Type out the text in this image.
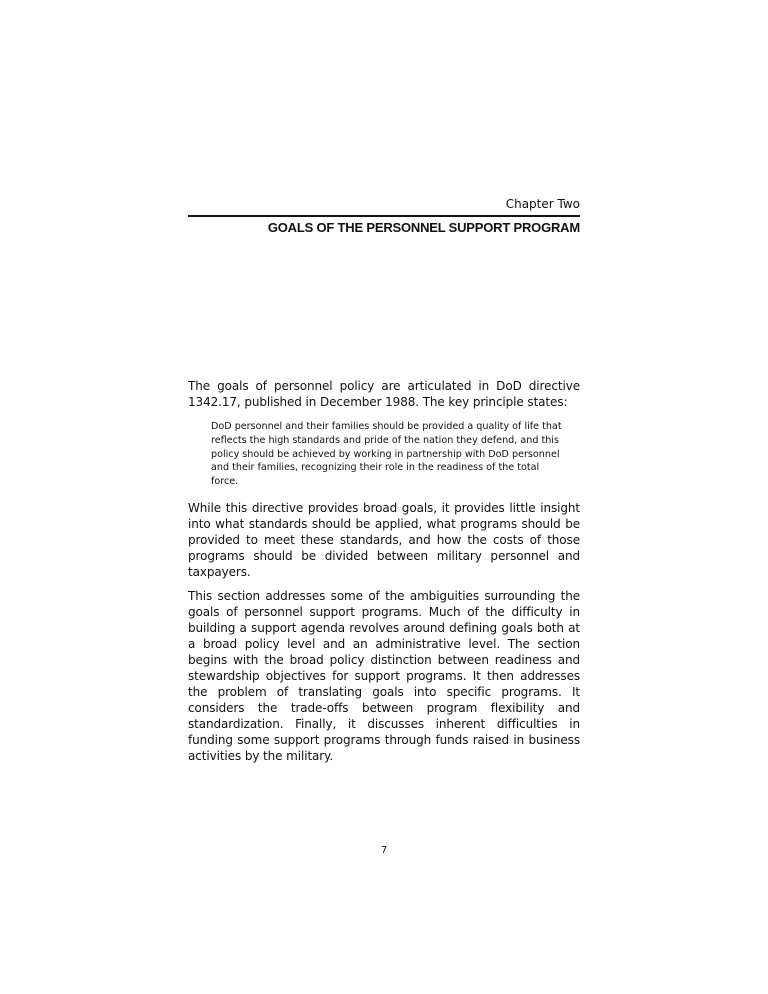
Chapter Two
GOALS OF THE PERSONNEL SUPPORT PROGRAM

The goals of personnel policy are articulated in DoD directive 1342.17, published in December 1988. The key principle states:

DoD personnel and their families should be provided a quality of life that reflects the high standards and pride of the nation they defend, and this policy should be achieved by working in partnership with DoD personnel and their families, recognizing their role in the readiness of the total force.

While this directive provides broad goals, it provides little insight into what standards should be applied, what programs should be provided to meet these standards, and how the costs of those programs should be divided between military personnel and taxpayers.

This section addresses some of the ambiguities surrounding the goals of personnel support programs. Much of the difficulty in building a support agenda revolves around defining goals both at a broad policy level and an administrative level. The section begins with the broad policy distinction between readiness and stewardship objectives for support programs. It then addresses the problem of translating goals into specific programs. It considers the trade-offs between program flexibility and standardization. Finally, it discusses inherent difficulties in funding some support programs through funds raised in business activities by the military.

7
